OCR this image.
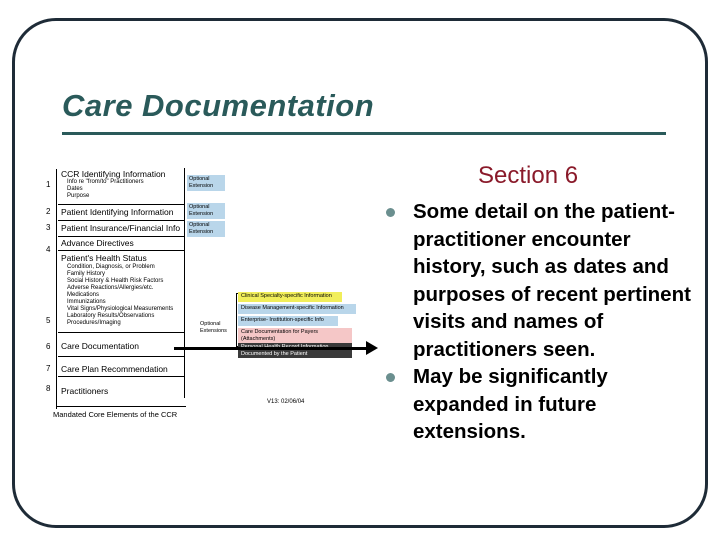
Care Documentation
Section 6
Some detail on the patient-practitioner encounter history, such as dates and purposes of recent pertinent visits and names of practitioners seen.
May be significantly expanded in future extensions.
1
2
3
4
5
6
7
8
CCR Identifying Information
Info re "from/to" Practitioners
Dates
Purpose
Patient Identifying Information
Patient Insurance/Financial Info
Advance Directives
Patient's Health Status
Condition, Diagnosis, or Problem
Family History
Social History & Health Risk Factors
Adverse Reactions/Allergies/etc.
Medications
Immunizations
Vital Signs/Physiological Measurements
Laboratory Results/Observations
Procedures/Imaging
Care Documentation
Care Plan Recommendation
Practitioners
Mandated Core Elements of the CCR
Optional Extension
Optional Extension
Optional Extension
Optional Extensions
Clinical Specialty-specific Information
Disease Management-specific Information
Enterprise- Institution-specific Info
Care Documentation for Payers (Attachments)
Documented by the Patient
V13: 02/06/04
